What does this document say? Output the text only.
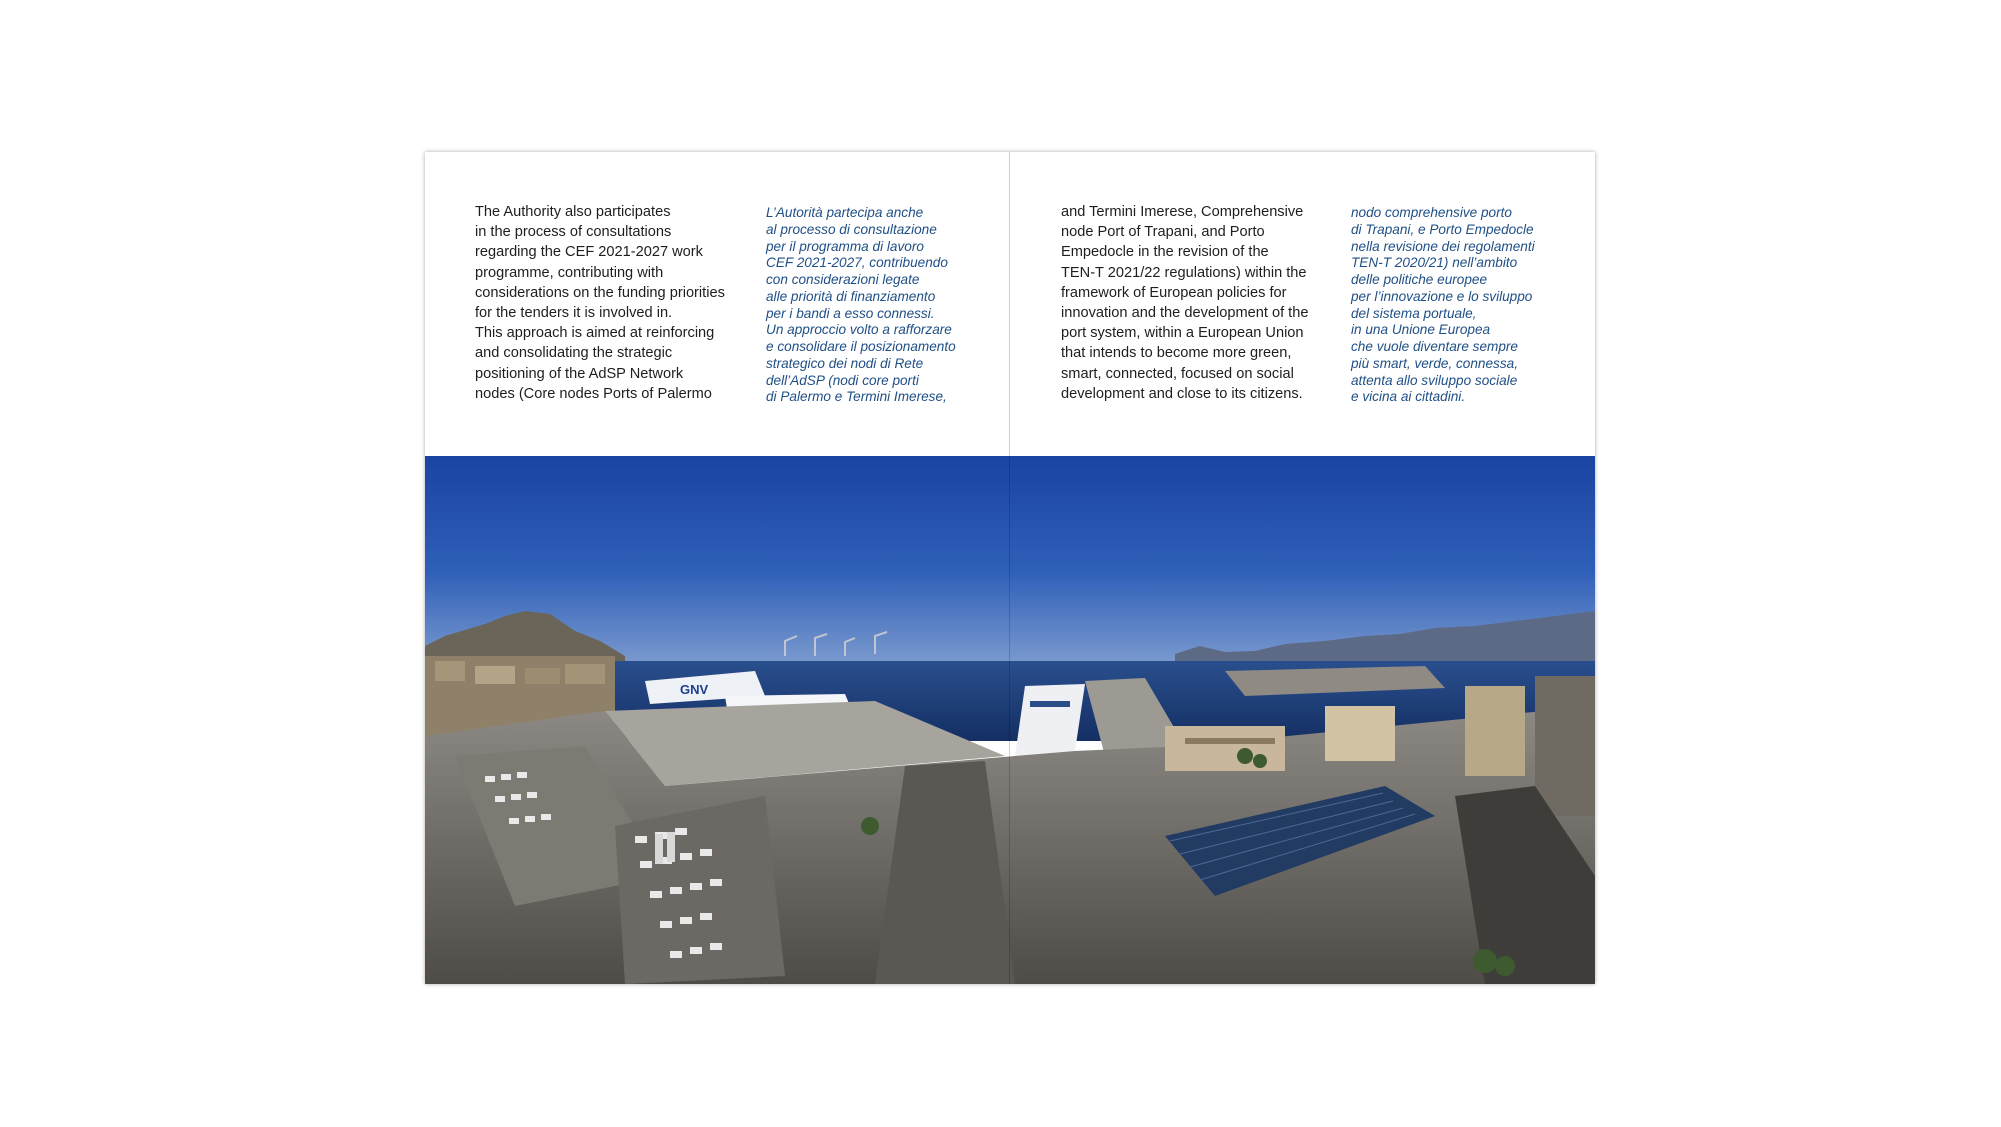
The Authority also participates
in the process of consultations
regarding the CEF 2021-2027 work
programme, contributing with
considerations on the funding priorities
for the tenders it is involved in.
This approach is aimed at reinforcing
and consolidating the strategic
positioning of the AdSP Network
nodes (Core nodes Ports of Palermo
L’Autorità partecipa anche
al processo di consultazione
per il programma di lavoro
CEF 2021-2027, contribuendo
con considerazioni legate
alle priorità di finanziamento
per i bandi a esso connessi.
Un approccio volto a rafforzare
e consolidare il posizionamento
strategico dei nodi di Rete
dell’AdSP (nodi core porti
di Palermo e Termini Imerese,
and Termini Imerese, Comprehensive
node Port of Trapani, and Porto
Empedocle in the revision of the
TEN-T 2021/22 regulations) within the
framework of European policies for
innovation and the development of the
port system, within a European Union
that intends to become more green,
smart, connected, focused on social
development and close to its citizens.
nodo comprehensive porto
di Trapani, e Porto Empedocle
nella revisione dei regolamenti
TEN-T 2020/21) nell’ambito
delle politiche europee
per l’innovazione e lo sviluppo
del sistema portuale,
in una Unione Europea
che vuole diventare sempre
più smart, verde, connessa,
attenta allo sviluppo sociale
e vicina ai cittadini.
GNV
